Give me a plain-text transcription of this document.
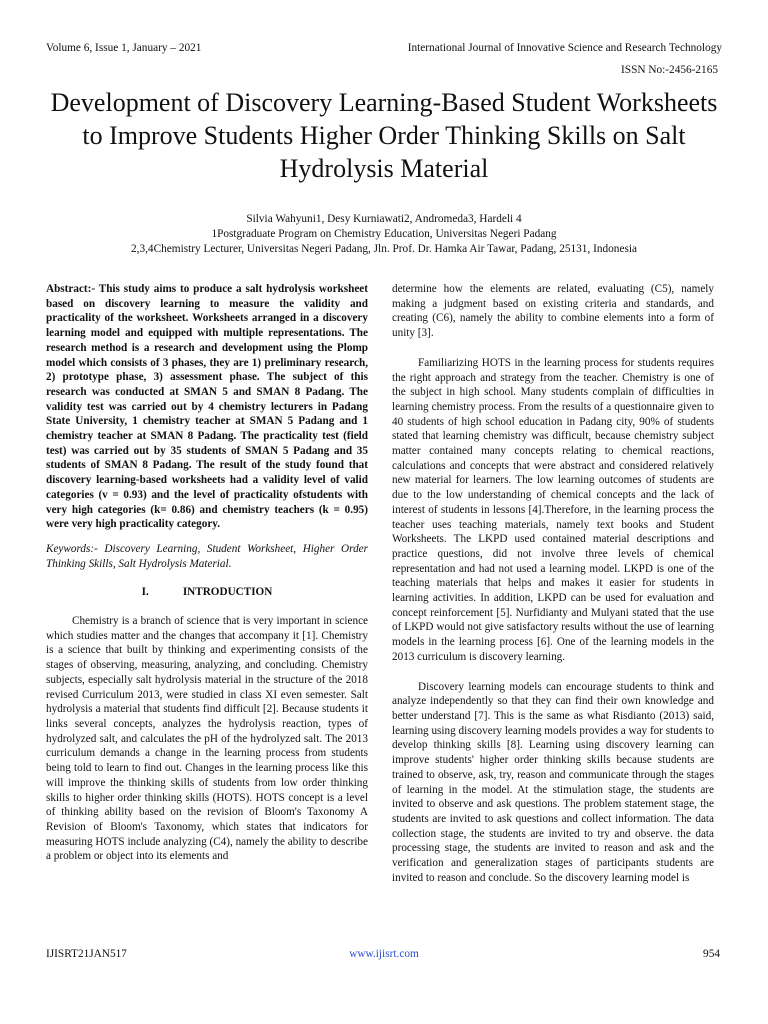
Volume 6, Issue 1, January – 2021	International Journal of Innovative Science and Research Technology
ISSN No:-2456-2165
Development of Discovery Learning-Based Student Worksheets to Improve Students Higher Order Thinking Skills on Salt Hydrolysis Material
Silvia Wahyuni1, Desy Kurniawati2, Andromeda3, Hardeli 4
1Postgraduate Program on Chemistry Education, Universitas Negeri Padang
2,3,4Chemistry Lecturer, Universitas Negeri Padang, Jln. Prof. Dr. Hamka Air Tawar, Padang, 25131, Indonesia

Abstract:- This study aims to produce a salt hydrolysis worksheet based on discovery learning to measure the validity and practicality of the worksheet. Worksheets arranged in a discovery learning model and equipped with multiple representations. The research method is a research and development using the Plomp model which consists of 3 phases, they are 1) preliminary research, 2) prototype phase, 3) assessment phase. The subject of this research was conducted at SMAN 5 and SMAN 8 Padang. The validity test was carried out by 4 chemistry lecturers in Padang State University, 1 chemistry teacher at SMAN 5 Padang and 1 chemistry teacher at SMAN 8 Padang. The practicality test (field test) was carried out by 35 students of SMAN 5 Padang and 35 students of SMAN 8 Padang. The result of the study found that discovery learning-based worksheets had a validity level of valid categories (v = 0.93) and the level of practicality ofstudents with very high categories (k= 0.86) and chemistry teachers (k = 0.95) were very high practicality category.

Keywords:- Discovery Learning, Student Worksheet, Higher Order Thinking Skills, Salt Hydrolysis Material.

I.	INTRODUCTION

Chemistry is a branch of science that is very important in science which studies matter and the changes that accompany it [1]. Chemistry is a science that built by thinking and experimenting consists of the stages of observing, measuring, analyzing, and concluding. Chemistry subjects, especially salt hydrolysis material in the structure of the 2018 revised Curriculum 2013, were studied in class XI even semester. Salt hydrolysis a material that students find difficult [2]. Because students it links several concepts, analyzes the hydrolysis reaction, types of hydrolyzed salt, and calculates the pH of the hydrolyzed salt. The 2013 curriculum demands a change in the learning process from students being told to learn to find out. Changes in the learning process like this will improve the thinking skills of students from low order thinking skills to higher order thinking skills (HOTS). HOTS concept is a level of thinking ability based on the revision of Bloom's Taxonomy A Revision of Bloom's Taxonomy, which states that indicators for measuring HOTS include analyzing (C4), namely the ability to describe a problem or object into its elements and

determine how the elements are related, evaluating (C5), namely making a judgment based on existing criteria and standards, and creating (C6), namely the ability to combine elements into a form of unity [3].

Familiarizing HOTS in the learning process for students requires the right approach and strategy from the teacher. Chemistry is one of the subject in high school. Many students complain of difficulties in learning chemistry process. From the results of a questionnaire given to 40 students of high school education in Padang city, 90% of students stated that learning chemistry was difficult, because chemistry subject matter contained many concepts relating to chemical reactions, calculations and concepts that were abstract and considered relatively new material for learners. The low learning outcomes of students are due to the low understanding of chemical concepts and the lack of interest of students in lessons [4].Therefore, in the learning process the teacher uses teaching materials, namely text books and Student Worksheets. The LKPD used contained material descriptions and practice questions, did not involve three levels of chemical representation and had not used a learning model. LKPD is one of the teaching materials that helps and makes it easier for students in learning activities. In addition, LKPD can be used for evaluation and concept reinforcement [5]. Nurfidianty and Mulyani stated that the use of LKPD would not give satisfactory results without the use of learning models in the learning process [6]. One of the learning models in the 2013 curriculum is discovery learning.

Discovery learning models can encourage students to think and analyze independently so that they can find their own knowledge and better understand [7]. This is the same as what Risdianto (2013) said, learning using discovery learning models provides a way for students to develop thinking skills [8]. Learning using discovery learning can improve students' higher order thinking skills because students are trained to observe, ask, try, reason and communicate through the stages of learning in the model. At the stimulation stage, the students are invited to observe and ask questions. The problem statement stage, the students are invited to ask questions and collect information. The data collection stage, the students are invited to try and observe. the data processing stage, the students are invited to reason and ask and the verification and generalization stages of participants students are invited to reason and conclude. So the discovery learning model is

IJISRT21JAN517	www.ijisrt.com	954
